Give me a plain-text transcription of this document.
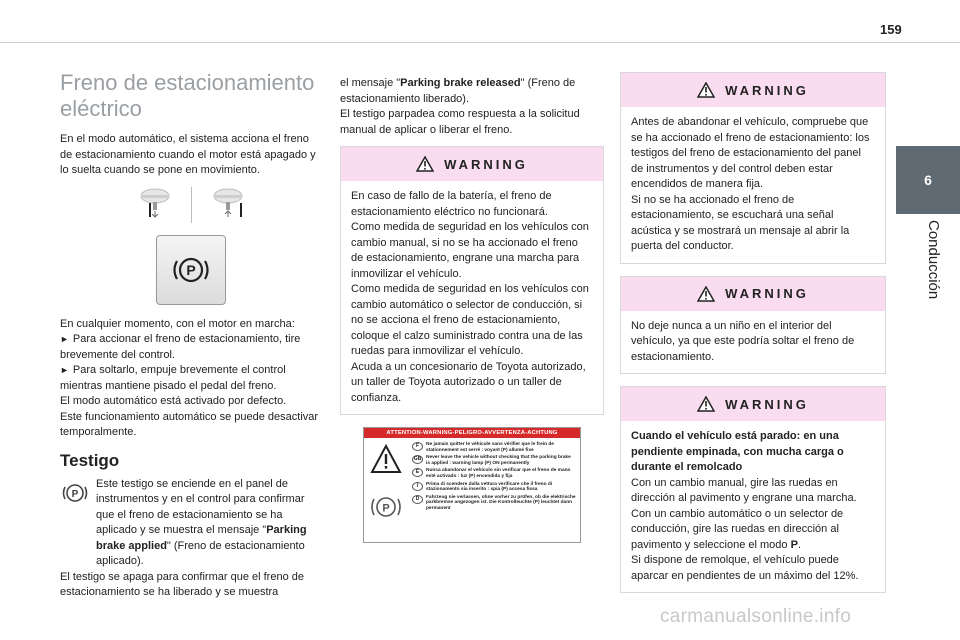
159
6
Conducción
Freno de estacionamiento
eléctrico

En el modo automático, el sistema acciona el freno de estacionamiento cuando el motor está apagado y lo suelta cuando se pone en movimiento.

P

En cualquier momento, con el motor en marcha:

► Para accionar el freno de estacionamiento, tire brevemente del control.

► Para soltarlo, empuje brevemente el control mientras mantiene pisado el pedal del freno.

El modo automático está activado por defecto.

Este funcionamiento automático se puede desactivar temporalmente.

Testigo
P

Este testigo se enciende en el panel de instrumentos y en el control para confirmar que el freno de estacionamiento se ha aplicado y se muestra el mensaje "Parking brake applied" (Freno de estacionamiento aplicado).

El testigo se apaga para confirmar que el freno de estacionamiento se ha liberado y se muestra

el mensaje "Parking brake released" (Freno de estacionamiento liberado).

El testigo parpadea como respuesta a la solicitud manual de aplicar o liberar el freno.

WARNING

En caso de fallo de la batería, el freno de estacionamiento eléctrico no funcionará.

Como medida de seguridad en los vehículos con cambio manual, si no se ha accionado el freno de estacionamiento, engrane una marcha para inmovilizar el vehículo.

Como medida de seguridad en los vehículos con cambio automático o selector de conducción, si no se acciona el freno de estacionamiento, coloque el calzo suministrado contra una de las ruedas para inmovilizar el vehículo.

Acuda a un concesionario de Toyota autorizado, un taller de Toyota autorizado o un taller de confianza.

ATTENTION-WARNING-PELIGRO-AVVERTENZA-ACHTUNG
P
F	Ne jamais quitter le véhicule sans vérifier que le frein de stationnement est serré : voyant (P) allumé fixe
GB Never leave the vehicle without checking that the parking brake is applied : warning lamp (P) ON permanently
E	Nunca abandonar el vehículo sin verificar que el freno de mano esté activado : luz (P) encendida y fija
I	Prima di scendere dalla vettura verificare che il freno di stazionamento sia inserito : spia (P) accesa fissa
D	Fahrzeug nie verlassen, ohne vorher zu prüfen, ob die elektrische parkbremse angezogen ist. Die Kontrolleuchte (P) leuchtet dann permanent
WARNING

Antes de abandonar el vehículo, compruebe que se ha accionado el freno de estacionamiento: los testigos del freno de estacionamiento del panel de instrumentos y del control deben estar encendidos de manera fija.

Si no se ha accionado el freno de estacionamiento, se escuchará una señal acústica y se mostrará un mensaje al abrir la puerta del conductor.

WARNING

No deje nunca a un niño en el interior del vehículo, ya que este podría soltar el freno de estacionamiento.

WARNING

Cuando el vehículo está parado: en una pendiente empinada, con mucha carga o durante el remolcado

Con un cambio manual, gire las ruedas en dirección al pavimento y engrane una marcha.

Con un cambio automático o un selector de conducción, gire las ruedas en dirección al pavimento y seleccione el modo P.

Si dispone de remolque, el vehículo puede aparcar en pendientes de un máximo del 12%.

carmanualsonline.info
